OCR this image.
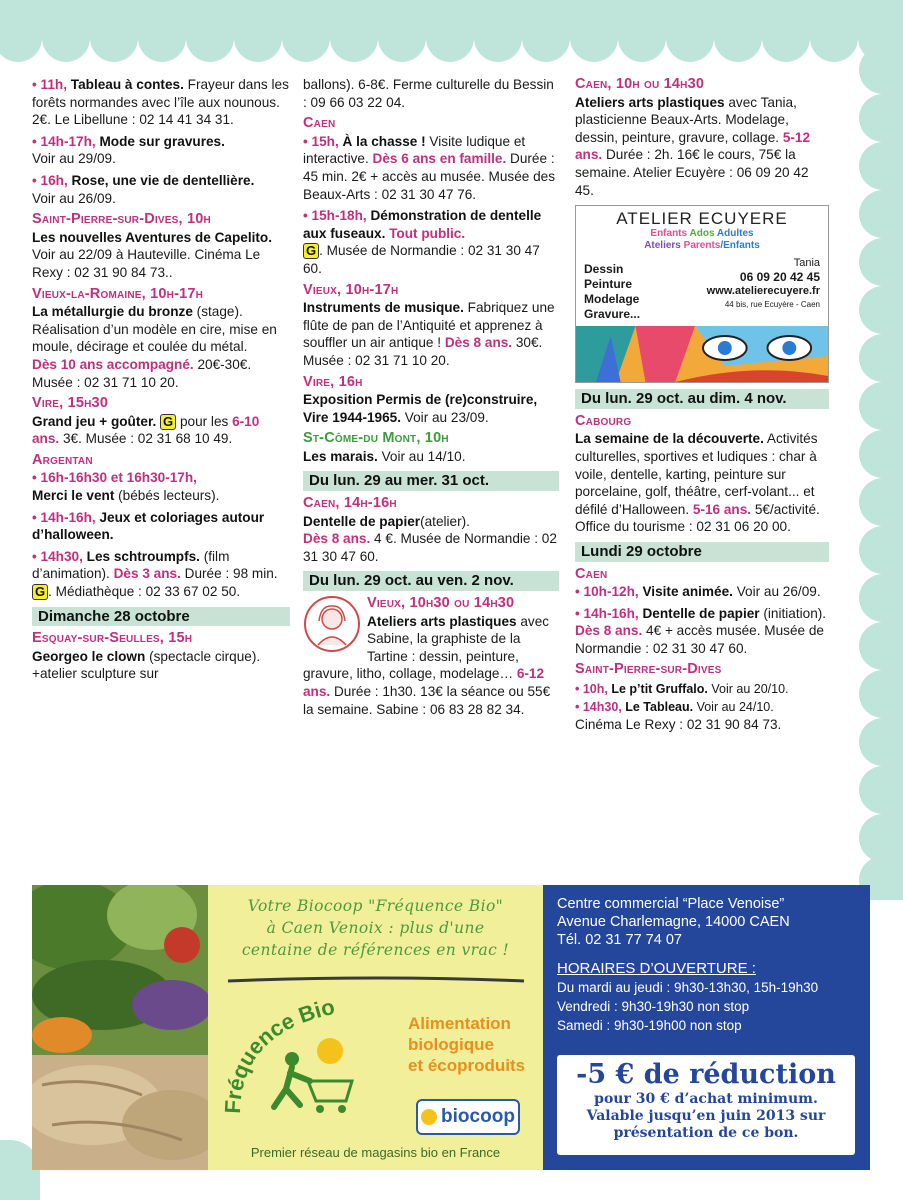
• 11h, Tableau à contes. Frayeur dans les forêts normandes avec l’île aux nounous. 2€. Le Libellune : 02 14 41 34 31.

• 14h-17h, Mode sur gravures.
Voir au 29/09.

• 16h, Rose, une vie de dentellière.
Voir au 26/09.

Saint-Pierre-sur-Dives, 10h

Les nouvelles Aventures de Capelito.
Voir au 22/09 à Hauteville. Cinéma Le Rexy : 02 31 90 84 73..

Vieux-la-Romaine, 10h-17h

La métallurgie du bronze (stage). Réalisation d’un modèle en cire, mise en moule, décirage et coulée du métal.
Dès 10 ans accompagné. 20€-30€. Musée : 02 31 71 10 20.

Vire, 15h30

Grand jeu + goûter. G pour les 6-10 ans. 3€. Musée : 02 31 68 10 49.

Argentan

• 16h-16h30 et 16h30-17h,
Merci le vent (bébés lecteurs).

• 14h-16h, Jeux et coloriages autour d’halloween.

• 14h30, Les schtroumpfs. (film d’animation). Dès 3 ans. Durée : 98 min.
G . Médiathèque : 02 33 67 02 50.

Dimanche 28 octobre
Esquay-sur-Seulles, 15h

Georgeo le clown (spectacle cirque). +atelier sculpture sur

ballons). 6-8€. Ferme culturelle du Bessin : 09 66 03 22 04.

Caen

• 15h, À la chasse ! Visite ludique et interactive. Dès 6 ans en famille. Durée : 45 min. 2€ + accès au musée. Musée des Beaux-Arts : 02 31 30 47 76.

• 15h-18h, Démonstration de dentelle aux fuseaux. Tout public.
G . Musée de Normandie : 02 31 30 47 60.

Vieux, 10h-17h

Instruments de musique. Fabriquez une flûte de pan de l’Antiquité et apprenez à souffler un air antique ! Dès 8 ans. 30€. Musée : 02 31 71 10 20.

Vire, 16h

Exposition Permis de (re)construire, Vire 1944-1965. Voir au 23/09.

St-Côme-du Mont, 10h

Les marais. Voir au 14/10.

Du lun. 29 au mer. 31 oct.
Caen, 14h-16h

Dentelle de papier(atelier).
Dès 8 ans. 4 €. Musée de Normandie : 02 31 30 47 60.

Du lun. 29 oct. au ven. 2 nov.
Vieux, 10h30 ou 14h30

Ateliers arts plastiques avec Sabine, la graphiste de la Tartine : dessin, peinture, gravure, litho, collage, modelage… 6-12 ans. Durée : 1h30. 13€ la séance ou 55€ la semaine. Sabine : 06 83 28 82 34.

Caen, 10h ou 14h30

Ateliers arts plastiques avec Tania, plasticienne Beaux-Arts. Modelage, dessin, peinture, gravure, collage. 5-12 ans. Durée : 2h. 16€ le cours, 75€ la semaine. Atelier Ecuyère : 06 09 20 42 45.

ATELIER ECUYERE
Enfants Ados Adultes
Ateliers Parents/Enfants
Dessin
Peinture
Modelage
Gravure...
Tania
06 09 20 42 45
www.atelierecuyere.fr
44 bis, rue Ecuyère - Caen
Du lun. 29 oct. au dim. 4 nov.
Cabourg

La semaine de la découverte. Activités culturelles, sportives et ludiques : char à voile, dentelle, karting, peinture sur porcelaine, golf, théâtre, cerf-volant... et défilé d’Halloween. 5-16 ans. 5€/activité. Office du tourisme : 02 31 06 20 00.

Lundi 29 octobre
Caen

• 10h-12h, Visite animée. Voir au 26/09.

• 14h-16h, Dentelle de papier (initiation). Dès 8 ans. 4€ + accès musée. Musée de Normandie : 02 31 30 47 60.

Saint-Pierre-sur-Dives

• 10h, Le p’tit Gruffalo. Voir au 20/10.

• 14h30, Le Tableau. Voir au 24/10.

Cinéma Le Rexy : 02 31 90 84 73.

Votre Biocoop "Fréquence Bio"
à Caen Venoix : plus d'une
centaine de références en vrac !
Fréquence Bio
Alimentation
biologique
et écoproduits
biocoop
Premier réseau de magasins bio en France
Centre commercial “Place Venoise”
Avenue Charlemagne, 14000 CAEN
Tél. 02 31 77 74 07
HORAIRES D’OUVERTURE :
Du mardi au jeudi : 9h30-13h30, 15h-19h30
Vendredi : 9h30-19h30 non stop
Samedi : 9h30-19h00 non stop
-5 € de réduction
pour 30 € d’achat minimum.
Valable jusqu’en juin 2013 sur
présentation de ce bon.
